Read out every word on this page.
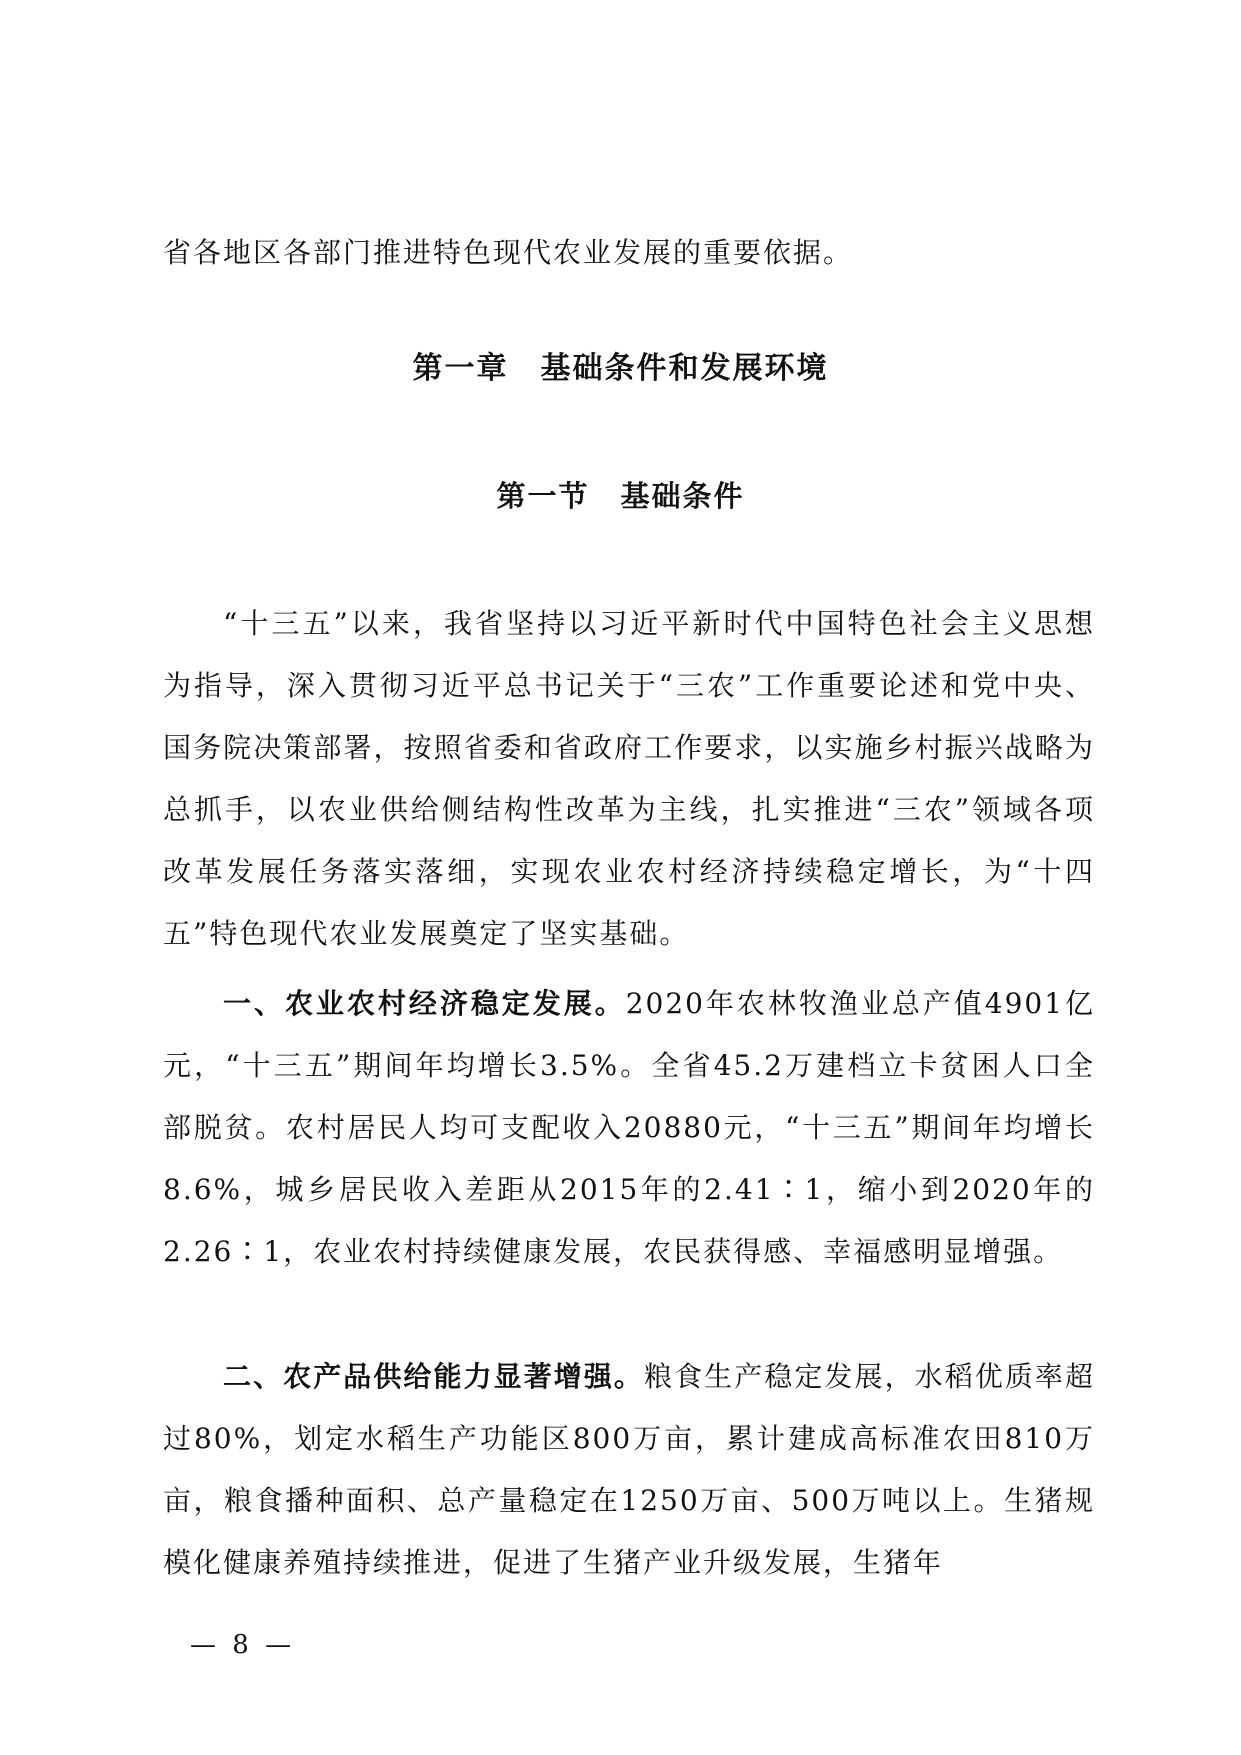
省各地区各部门推进特色现代农业发展的重要依据。

第一章　基础条件和发展环境
第一节　基础条件

“十三五”以来，我省坚持以习近平新时代中国特色社会主义思想为指导，深入贯彻习近平总书记关于“三农”工作重要论述和党中央、国务院决策部署，按照省委和省政府工作要求，以实施乡村振兴战略为总抓手，以农业供给侧结构性改革为主线，扎实推进“三农”领域各项改革发展任务落实落细，实现农业农村经济持续稳定增长，为“十四五”特色现代农业发展奠定了坚实基础。

一、农业农村经济稳定发展。2020年农林牧渔业总产值4901亿元，“十三五”期间年均增长3.5%。全省45.2万建档立卡贫困人口全部脱贫。农村居民人均可支配收入20880元，“十三五”期间年均增长8.6%，城乡居民收入差距从2015年的2.41∶1，缩小到2020年的2.26∶1，农业农村持续健康发展，农民获得感、幸福感明显增强。

二、农产品供给能力显著增强。粮食生产稳定发展，水稻优质率超过80%，划定水稻生产功能区800万亩，累计建成高标准农田810万亩，粮食播种面积、总产量稳定在1250万亩、500万吨以上。生猪规模化健康养殖持续推进，促进了生猪产业升级发展，生猪年

— 8 —
